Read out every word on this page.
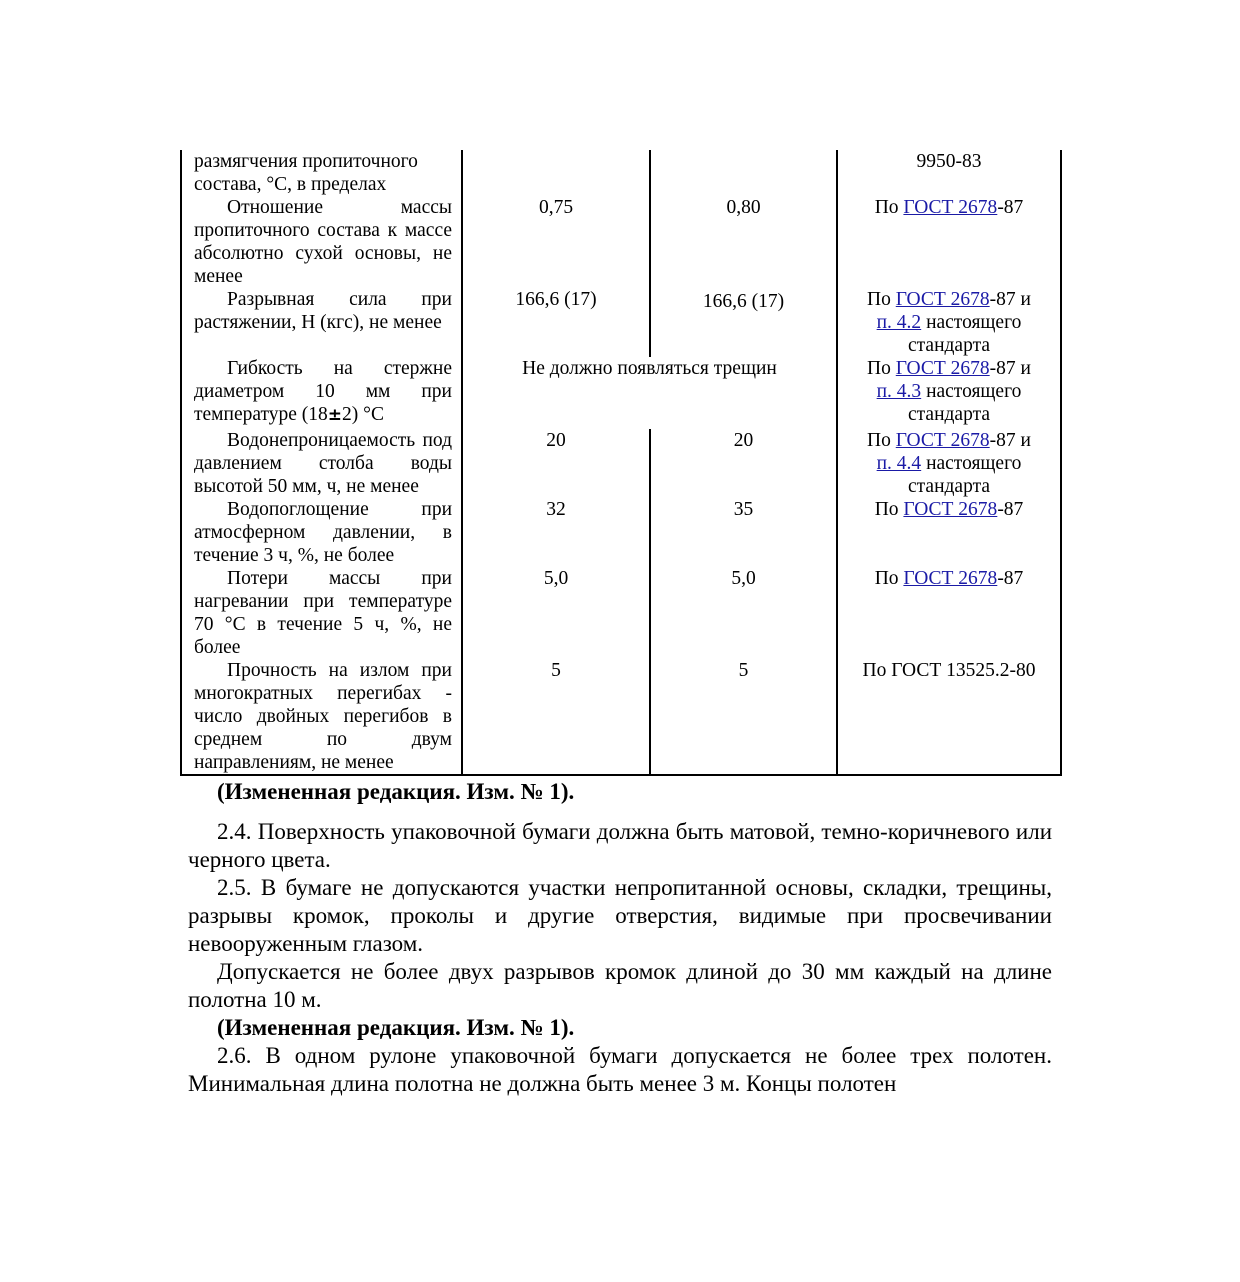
размягчения пропиточного
состава, °С, в пределах			9950-83

Отношение массы пропиточного состава к массе абсолютно сухой основы, не менее	0,75	0,80	По ГОСТ 2678-87

Разрывная сила при растяжении, Н (кгс), не менее	166,6 (17)	166,6 (17)	По ГОСТ 2678-87 и
п. 4.2 настоящего стандарта

Гибкость на стержне диаметром 10 мм при температуре (18±2) °С	Не должно появляться трещин		По ГОСТ 2678-87 и
п. 4.3 настоящего стандарта

Водонепроницаемость под давлением столба воды высотой 50 мм, ч, не менее	20	20	По ГОСТ 2678-87 и
п. 4.4 настоящего стандарта

Водопоглощение при атмосферном давлении, в течение 3 ч, %, не более	32	35	По ГОСТ 2678-87

Потери массы при нагревании при температуре 70 °С в течение 5 ч, %, не более	5,0	5,0	По ГОСТ 2678-87

Прочность на излом при многократных перегибах - число двойных перегибов в среднем по двум направлениям, не менее	5	5	По ГОСТ 13525.2-80

(Измененная редакция. Изм. № 1).

2.4. Поверхность упаковочной бумаги должна быть матовой, темно-коричневого или черного цвета.

2.5. В бумаге не допускаются участки непропитанной основы, складки, трещины, разрывы кромок, проколы и другие отверстия, видимые при просвечивании невооруженным глазом.

Допускается не более двух разрывов кромок длиной до 30 мм каждый на длине полотна 10 м.

(Измененная редакция. Изм. № 1).

2.6. В одном рулоне упаковочной бумаги допускается не более трех полотен. Минимальная длина полотна не должна быть менее 3 м. Концы полотен
